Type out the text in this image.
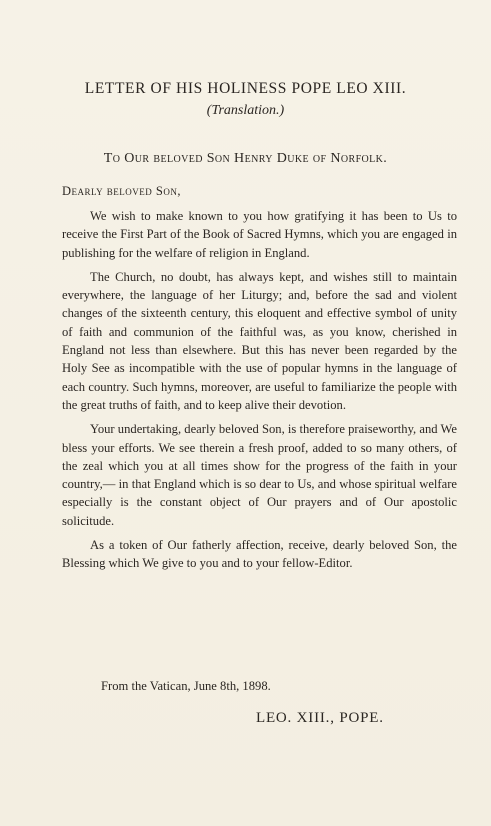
LETTER OF HIS HOLINESS POPE LEO XIII.
(Translation.)
To Our beloved Son Henry Duke of Norfolk.
Dearly beloved Son,

We wish to make known to you how gratifying it has been to Us to receive the First Part of the Book of Sacred Hymns, which you are engaged in publishing for the welfare of religion in England.

The Church, no doubt, has always kept, and wishes still to maintain everywhere, the language of her Liturgy; and, before the sad and violent changes of the sixteenth century, this eloquent and effective symbol of unity of faith and communion of the faithful was, as you know, cherished in England not less than elsewhere. But this has never been regarded by the Holy See as incompatible with the use of popular hymns in the language of each country. Such hymns, moreover, are useful to familiarize the people with the great truths of faith, and to keep alive their devotion.

Your undertaking, dearly beloved Son, is therefore praiseworthy, and We bless your efforts. We see therein a fresh proof, added to so many others, of the zeal which you at all times show for the progress of the faith in your country,— in that England which is so dear to Us, and whose spiritual welfare especially is the constant object of Our prayers and of Our apostolic solicitude.

As a token of Our fatherly affection, receive, dearly beloved Son, the Blessing which We give to you and to your fellow-Editor.

From the Vatican, June 8th, 1898.
LEO. XIII., POPE.
